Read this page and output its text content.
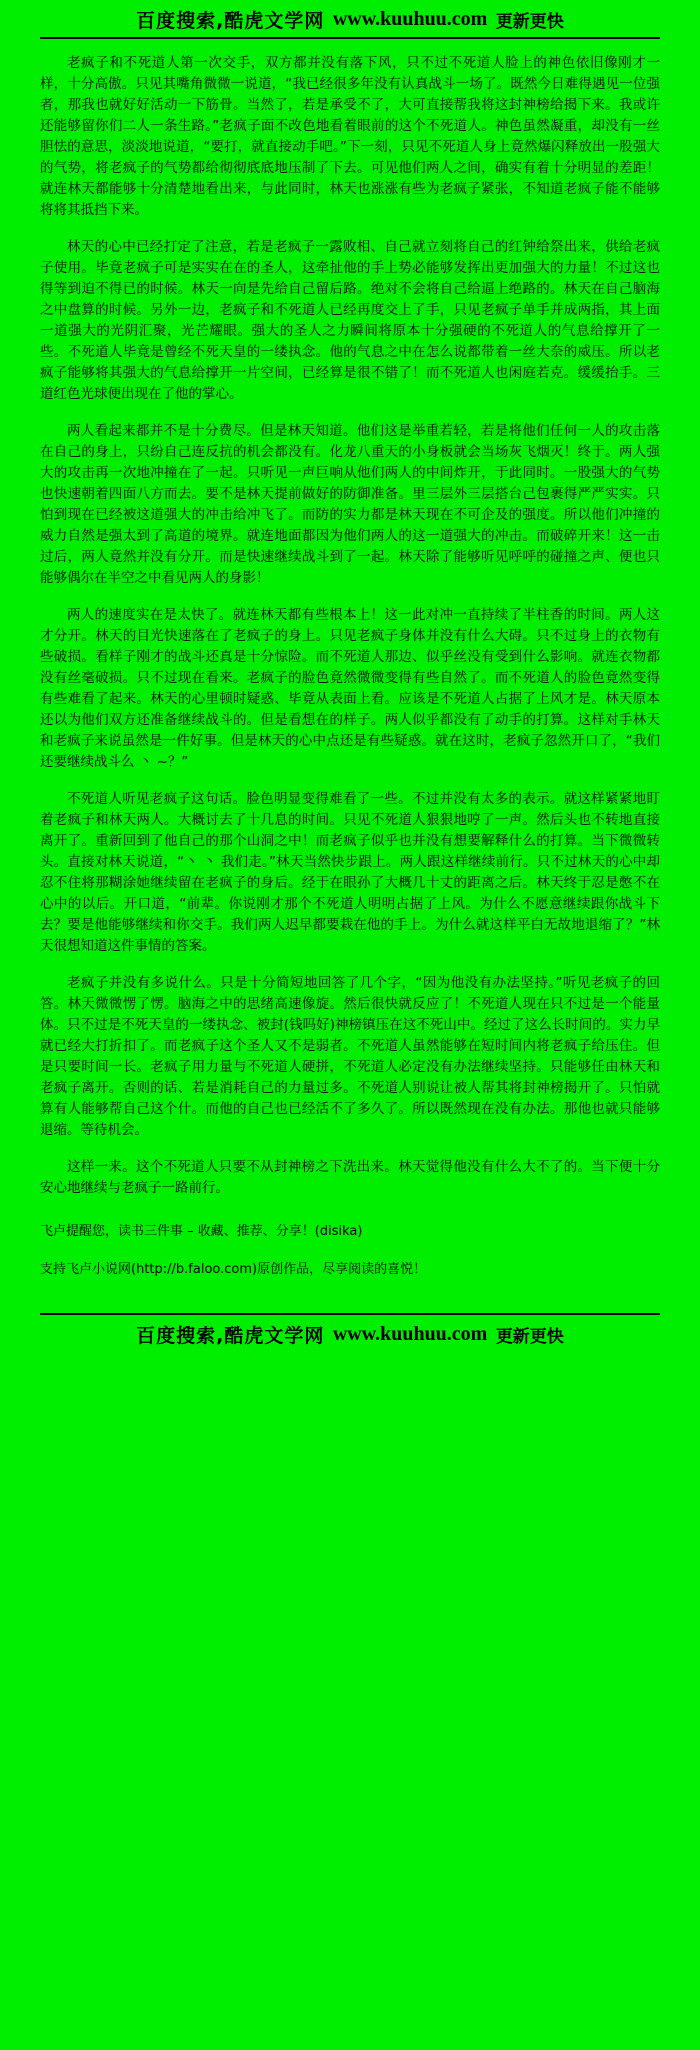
百度搜索,酷虎文学网 www.kuuhuu.com 更新更快

老疯子和不死道人第一次交手，双方都并没有落下风，只不过不死道人脸上的神色依旧像刚才一样，十分高傲。只见其嘴角微微一说道，“我已经很多年没有认真战斗一场了。既然今日难得遇见一位强者，那我也就好好活动一下筋骨。当然了，若是承受不了，大可直接帮我将这封神榜给揭下来。我或许还能够留你们二人一条生路。”老疯子面不改色地看着眼前的这个不死道人。神色虽然凝重，却没有一丝胆怯的意思，淡淡地说道，“要打，就直接动手吧。”下一刻，只见不死道人身上竟然爆闪释放出一股强大的气势，将老疯子的气势都给彻彻底底地压制了下去。可见他们两人之间，确实有着十分明显的差距！就连林天都能够十分清楚地看出来，与此同时，林天也涨涨有些为老疯子紧张，不知道老疯子能不能够将将其抵挡下来。

林天的心中已经打定了注意，若是老疯子一露败相、自己就立刻将自己的红钟给祭出来，供给老疯子使用。毕竟老疯子可是实实在在的圣人，这牵扯他的手上势必能够发挥出更加强大的力量！不过这也得等到迫不得已的时候。林天一向是先给自己留后路。绝对不会将自己给逼上绝路的。林天在自己脑海之中盘算的时候。另外一边，老疯子和不死道人已经再度交上了手，只见老疯子单手并成两指，其上面一道强大的光阴汇聚，光芒耀眼。强大的圣人之力瞬间将原本十分强硬的不死道人的气息给撑开了一些。不死道人毕竟是曾经不死天皇的一缕执念。他的气息之中在怎么说都带着一丝大奈的威压。所以老疯子能够将其强大的气息给撑开一片空间，已经算是很不错了！而不死道人也闲庭若克。缓缓抬手。三道红色光球便出现在了他的掌心。

两人看起来都并不是十分费尽。但是林天知道。他们这是举重若轻，若是将他们任何一人的攻击落在自己的身上，只纷自己连反抗的机会都没有。化龙八重天的小身板就会当场灰飞烟灭！终于。两人强大的攻击再一次地冲撞在了一起。只听见一声巨响从他们两人的中间炸开，于此同时。一股强大的气势也快速朝着四面八方而去。要不是林天提前做好的防御准备。里三层外三层搭台己包裹得严严实实。只怕到现在已经被这道强大的冲击给冲飞了。而防的实力都是林天现在不可企及的强度。所以他们冲撞的威力自然是强太到了高道的境界。就连地面都因为他们两人的这一道强大的冲击。而破碎开来！这一击过后，两人竟然并没有分开。而是快速继续战斗到了一起。林天除了能够听见呼呼的碰撞之声、便也只能够偶尔在半空之中看见两人的身影！

两人的速度实在是太快了。就连林天都有些根本上！这一此对冲一直持续了半柱香的时间。两人这才分开。林天的目光快速落在了老疯子的身上。只见老疯子身体并没有什么大碍。只不过身上的衣物有些破损。看样子刚才的战斗还真是十分惊险。而不死道人那边、似乎丝没有受到什么影响。就连衣物都没有丝毫破损。只不过现在看来。老疯子的脸色竟然微微变得有些自然了。而不死道人的脸色竟然变得有些难看了起来。林天的心里顿时疑惑、毕竟从表面上看。应该是不死道人占据了上风才是。林天原本还以为他们双方还准备继续战斗的。但是看想在的样子。两人似乎都没有了动手的打算。这样对手林天和老疯子来说虽然是一件好事。但是林天的心中点还是有些疑惑。就在这时，老疯子忽然开口了，“我们还要继续战斗么 丶 ~？”

不死道人听见老疯子这句话。脸色明显变得难看了一些。不过并没有太多的表示。就这样紧紧地盯着老疯子和林天两人。大概讨去了十几息的时间。只见不死道人狠狠地哼了一声。然后头也不转地直接离开了。重新回到了他自己的那个山洞之中！而老疯子似乎也并没有想要解释什么的打算。当下微微转头。直接对林天说道，“丶 丶 我们走。”林天当然快步跟上。两人跟这样继续前行。只不过林天的心中却忍不住将那糊涂她继续留在老疯子的身后。经于在眼孙了大概几十丈的距离之后。林天终于忍是憋不在心中的以后。开口道，“前辈。你说刚才那个不死道人明明占据了上风。为什么不愿意继续跟你战斗下去？要是他能够继续和你交手。我们两人迟早都要栽在他的手上。为什么就这样平白无故地退缩了？”林天很想知道这件事情的答案。

老疯子并没有多说什么。只是十分简短地回答了几个字，“因为他没有办法坚持。”听见老疯子的回答。林天微微愣了愣。脑海之中的思绪高速像旋。然后很快就反应了！不死道人现在只不过是一个能量体。只不过是不死天皇的一缕执念、被封(钱吗好)神榜镇压在这不死山中。经过了这么长时间的。实力早就已经大打折扣了。而老疯子这个圣人又不是弱者。不死道人虽然能够在短时间内将老疯子给压住。但是只要时间一长。老疯子用力量与不死道人硬拼，不死道人必定没有办法继续坚持。只能够任由林天和老疯子离开。否则的话、若是消耗自己的力量过多。不死道人别说让被人帮其将封神榜揭开了。只怕就算有人能够帮自己这个什。而他的自己也已经活不了多久了。所以既然现在没有办法。那他也就只能够退缩。等待机会。

这样一来。这个不死道人只要不从封神榜之下洗出来。林天觉得他没有什么大不了的。当下便十分安心地继续与老疯子一路前行。

飞卢提醒您，读书三件事 – 收藏、推荐、分享！(disika)
支持飞卢小说网(http://b.faloo.com)原创作品，尽享阅读的喜悦！
百度搜索,酷虎文学网 www.kuuhuu.com 更新更快
